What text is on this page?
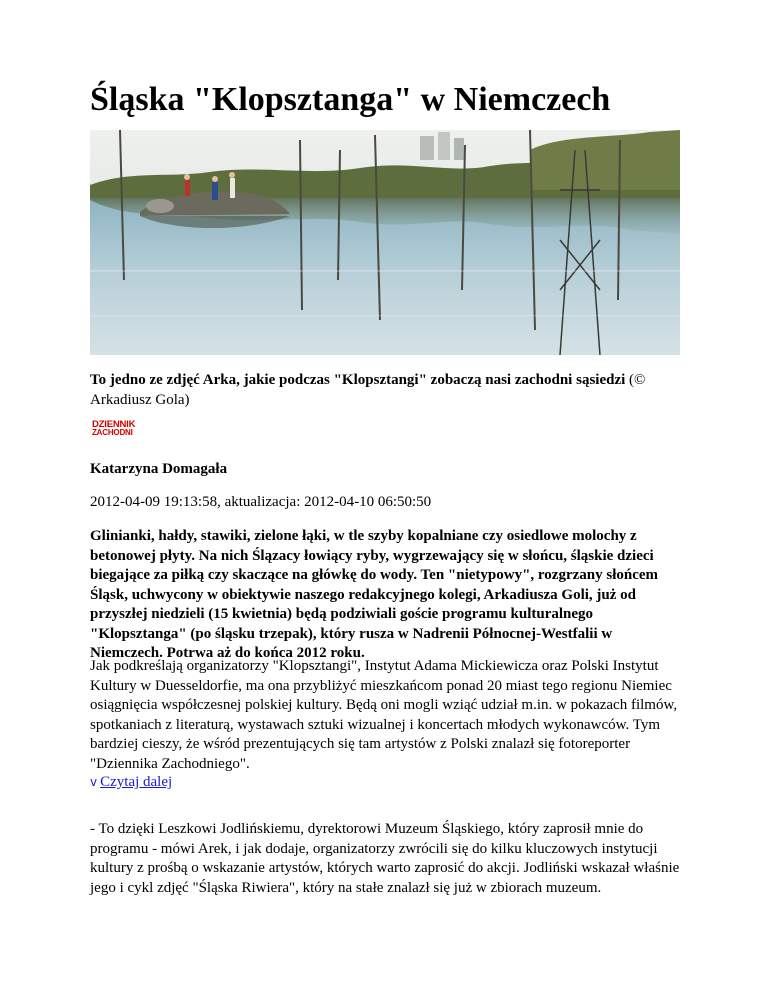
Śląska "Klopsztanga" w Niemczech
To jedno ze zdjęć Arka, jakie podczas "Klopsztangi" zobaczą nasi zachodni sąsiedzi (© Arkadiusz Gola)
DZIENNIK
ZACHODNI
Katarzyna Domagała
2012-04-09 19:13:58, aktualizacja: 2012-04-10 06:50:50
Glinianki, hałdy, stawiki, zielone łąki, w tle szyby kopalniane czy osiedlowe molochy z betonowej płyty. Na nich Ślązacy łowiący ryby, wygrzewający się w słońcu, śląskie dzieci biegające za piłką czy skaczące na główkę do wody. Ten "nietypowy", rozgrzany słońcem Śląsk, uchwycony w obiektywie naszego redakcyjnego kolegi, Arkadiusza Goli, już od przyszłej niedzieli (15 kwietnia) będą podziwiali goście programu kulturalnego "Klopsztanga" (po śląsku trzepak), który rusza w Nadrenii Północnej-Westfalii w Niemczech. Potrwa aż do końca 2012 roku.
Jak podkreślają organizatorzy "Klopsztangi", Instytut Adama Mickiewicza oraz Polski Instytut Kultury w Duesseldorfie, ma ona przybliżyć mieszkańcom ponad 20 miast tego regionu Niemiec osiągnięcia współczesnej polskiej kultury. Będą oni mogli wziąć udział m.in. w pokazach filmów, spotkaniach z literaturą, wystawach sztuki wizualnej i koncertach młodych wykonawców. Tym bardziej cieszy, że wśród prezentujących się tam artystów z Polski znalazł się fotoreporter "Dziennika Zachodniego".
v Czytaj dalej
- To dzięki Leszkowi Jodlińskiemu, dyrektorowi Muzeum Śląskiego, który zaprosił mnie do programu - mówi Arek, i jak dodaje, organizatorzy zwrócili się do kilku kluczowych instytucji kultury z prośbą o wskazanie artystów, których warto zaprosić do akcji. Jodliński wskazał właśnie jego i cykl zdjęć "Śląska Riwiera", który na stałe znalazł się już w zbiorach muzeum.
